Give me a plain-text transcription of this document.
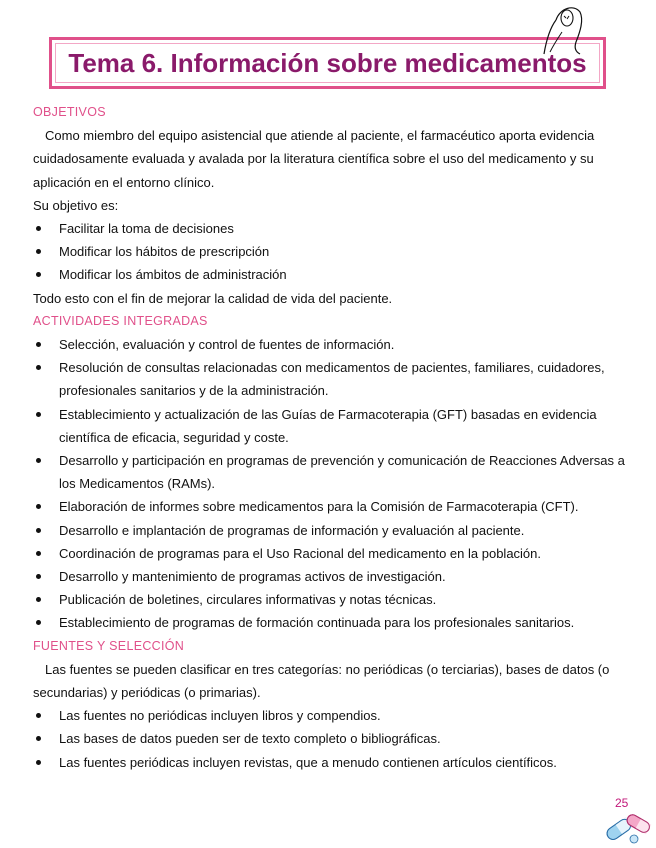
Tema 6. Información sobre medicamentos
OBJETIVOS

Como miembro del equipo asistencial que atiende al paciente, el farmacéutico aporta evidencia cuidadosamente evaluada y avalada por la literatura científica sobre el uso del medicamento y su aplicación en el entorno clínico.

Su objetivo es:

Facilitar la toma de decisiones
Modificar los hábitos de prescripción
Modificar los ámbitos de administración

Todo esto con el fin de mejorar la calidad de vida del paciente.

ACTIVIDADES INTEGRADAS
Selección, evaluación y control de fuentes de información.
Resolución de consultas relacionadas con medicamentos de pacientes, familiares, cuidadores, profesionales sanitarios y de la administración.
Establecimiento y actualización de las Guías de Farmacoterapia (GFT) basadas en evidencia científica de eficacia, seguridad y coste.
Desarrollo y participación en programas de prevención y comunicación de Reacciones Adversas a los Medicamentos (RAMs).
Elaboración de informes sobre medicamentos para la Comisión de Farmacoterapia (CFT).
Desarrollo e implantación de programas de información y evaluación al paciente.
Coordinación de programas para el Uso Racional del medicamento en la población.
Desarrollo y mantenimiento de programas activos de investigación.
Publicación de boletines, circulares informativas y notas técnicas.
Establecimiento de programas de formación continuada para los profesionales sanitarios.
FUENTES Y SELECCIÓN

Las fuentes se pueden clasificar en tres categorías: no periódicas (o terciarias), bases de datos (o secundarias) y periódicas (o primarias).

Las fuentes no periódicas incluyen libros y compendios.
Las bases de datos pueden ser de texto completo o bibliográficas.
Las fuentes periódicas incluyen revistas, que a menudo contienen artículos científicos.
25
